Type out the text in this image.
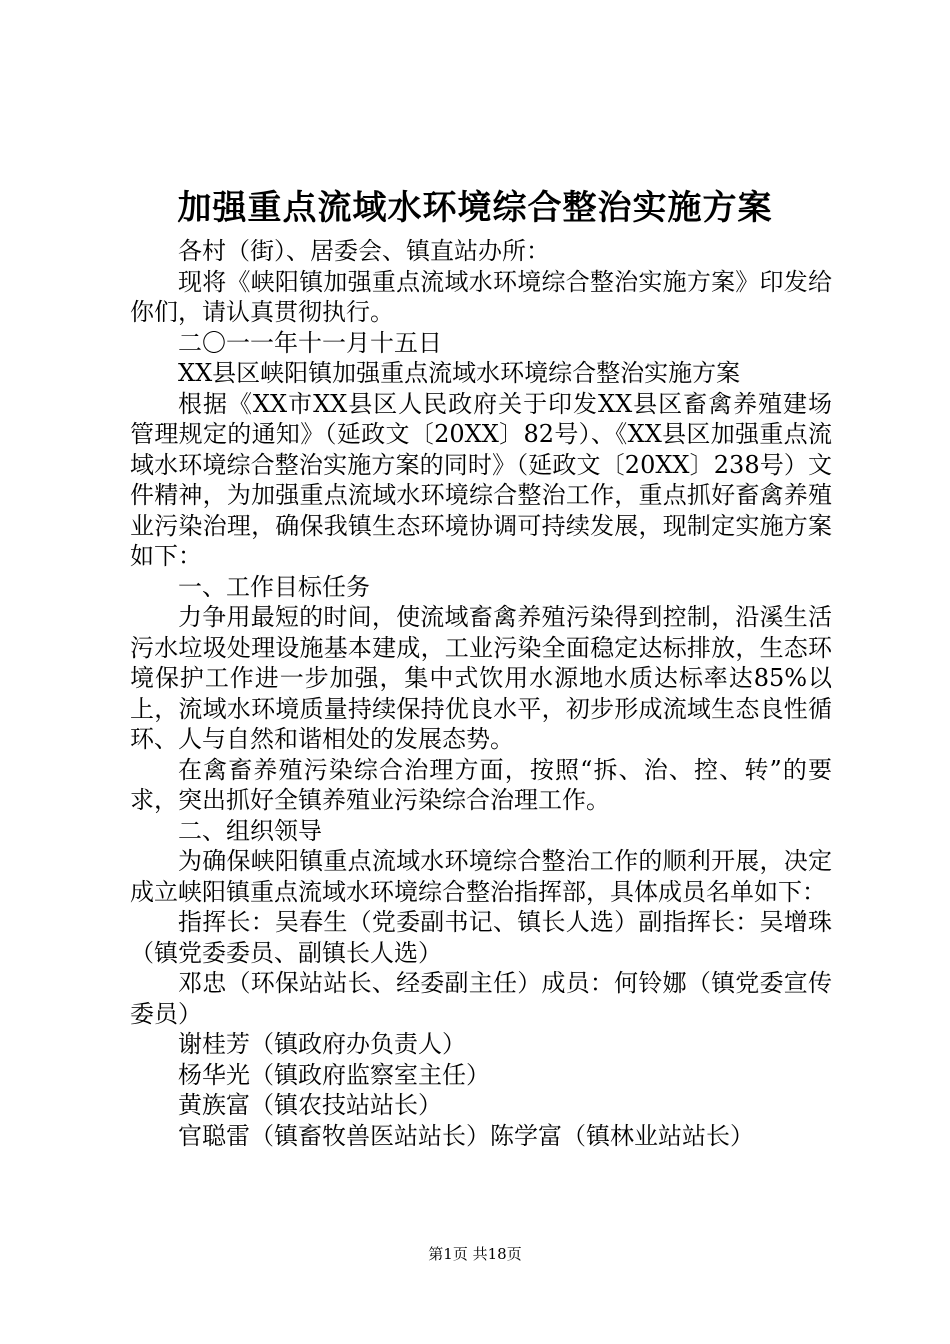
加强重点流域水环境综合整治实施方案

各村（街）、居委会、镇直站办所：

现将《峡阳镇加强重点流域水环境综合整治实施方案》印发给你们，请认真贯彻执行。

二〇一一年十一月十五日

XX县区峡阳镇加强重点流域水环境综合整治实施方案

根据《XX市XX县区人民政府关于印发XX县区畜禽养殖建场管理规定的通知》（延政文〔20XX〕82号）、《XX县区加强重点流域水环境综合整治实施方案的同时》（延政文〔20XX〕238号）文件精神，为加强重点流域水环境综合整治工作，重点抓好畜禽养殖业污染治理，确保我镇生态环境协调可持续发展，现制定实施方案如下：

一、工作目标任务

力争用最短的时间，使流域畜禽养殖污染得到控制，沿溪生活污水垃圾处理设施基本建成，工业污染全面稳定达标排放，生态环境保护工作进一步加强，集中式饮用水源地水质达标率达85%以上，流域水环境质量持续保持优良水平，初步形成流域生态良性循环、人与自然和谐相处的发展态势。

在禽畜养殖污染综合治理方面，按照“拆、治、控、转”的要求，突出抓好全镇养殖业污染综合治理工作。

二、组织领导

为确保峡阳镇重点流域水环境综合整治工作的顺利开展，决定成立峡阳镇重点流域水环境综合整治指挥部，具体成员名单如下：

指挥长：吴春生（党委副书记、镇长人选）副指挥长：吴增珠（镇党委委员、副镇长人选）

邓忠（环保站站长、经委副主任）成员：何铃娜（镇党委宣传委员）

谢桂芳（镇政府办负责人）

杨华光（镇政府监察室主任）

黄族富（镇农技站站长）

官聪雷（镇畜牧兽医站站长）陈学富（镇林业站站长）

第1页 共18页
